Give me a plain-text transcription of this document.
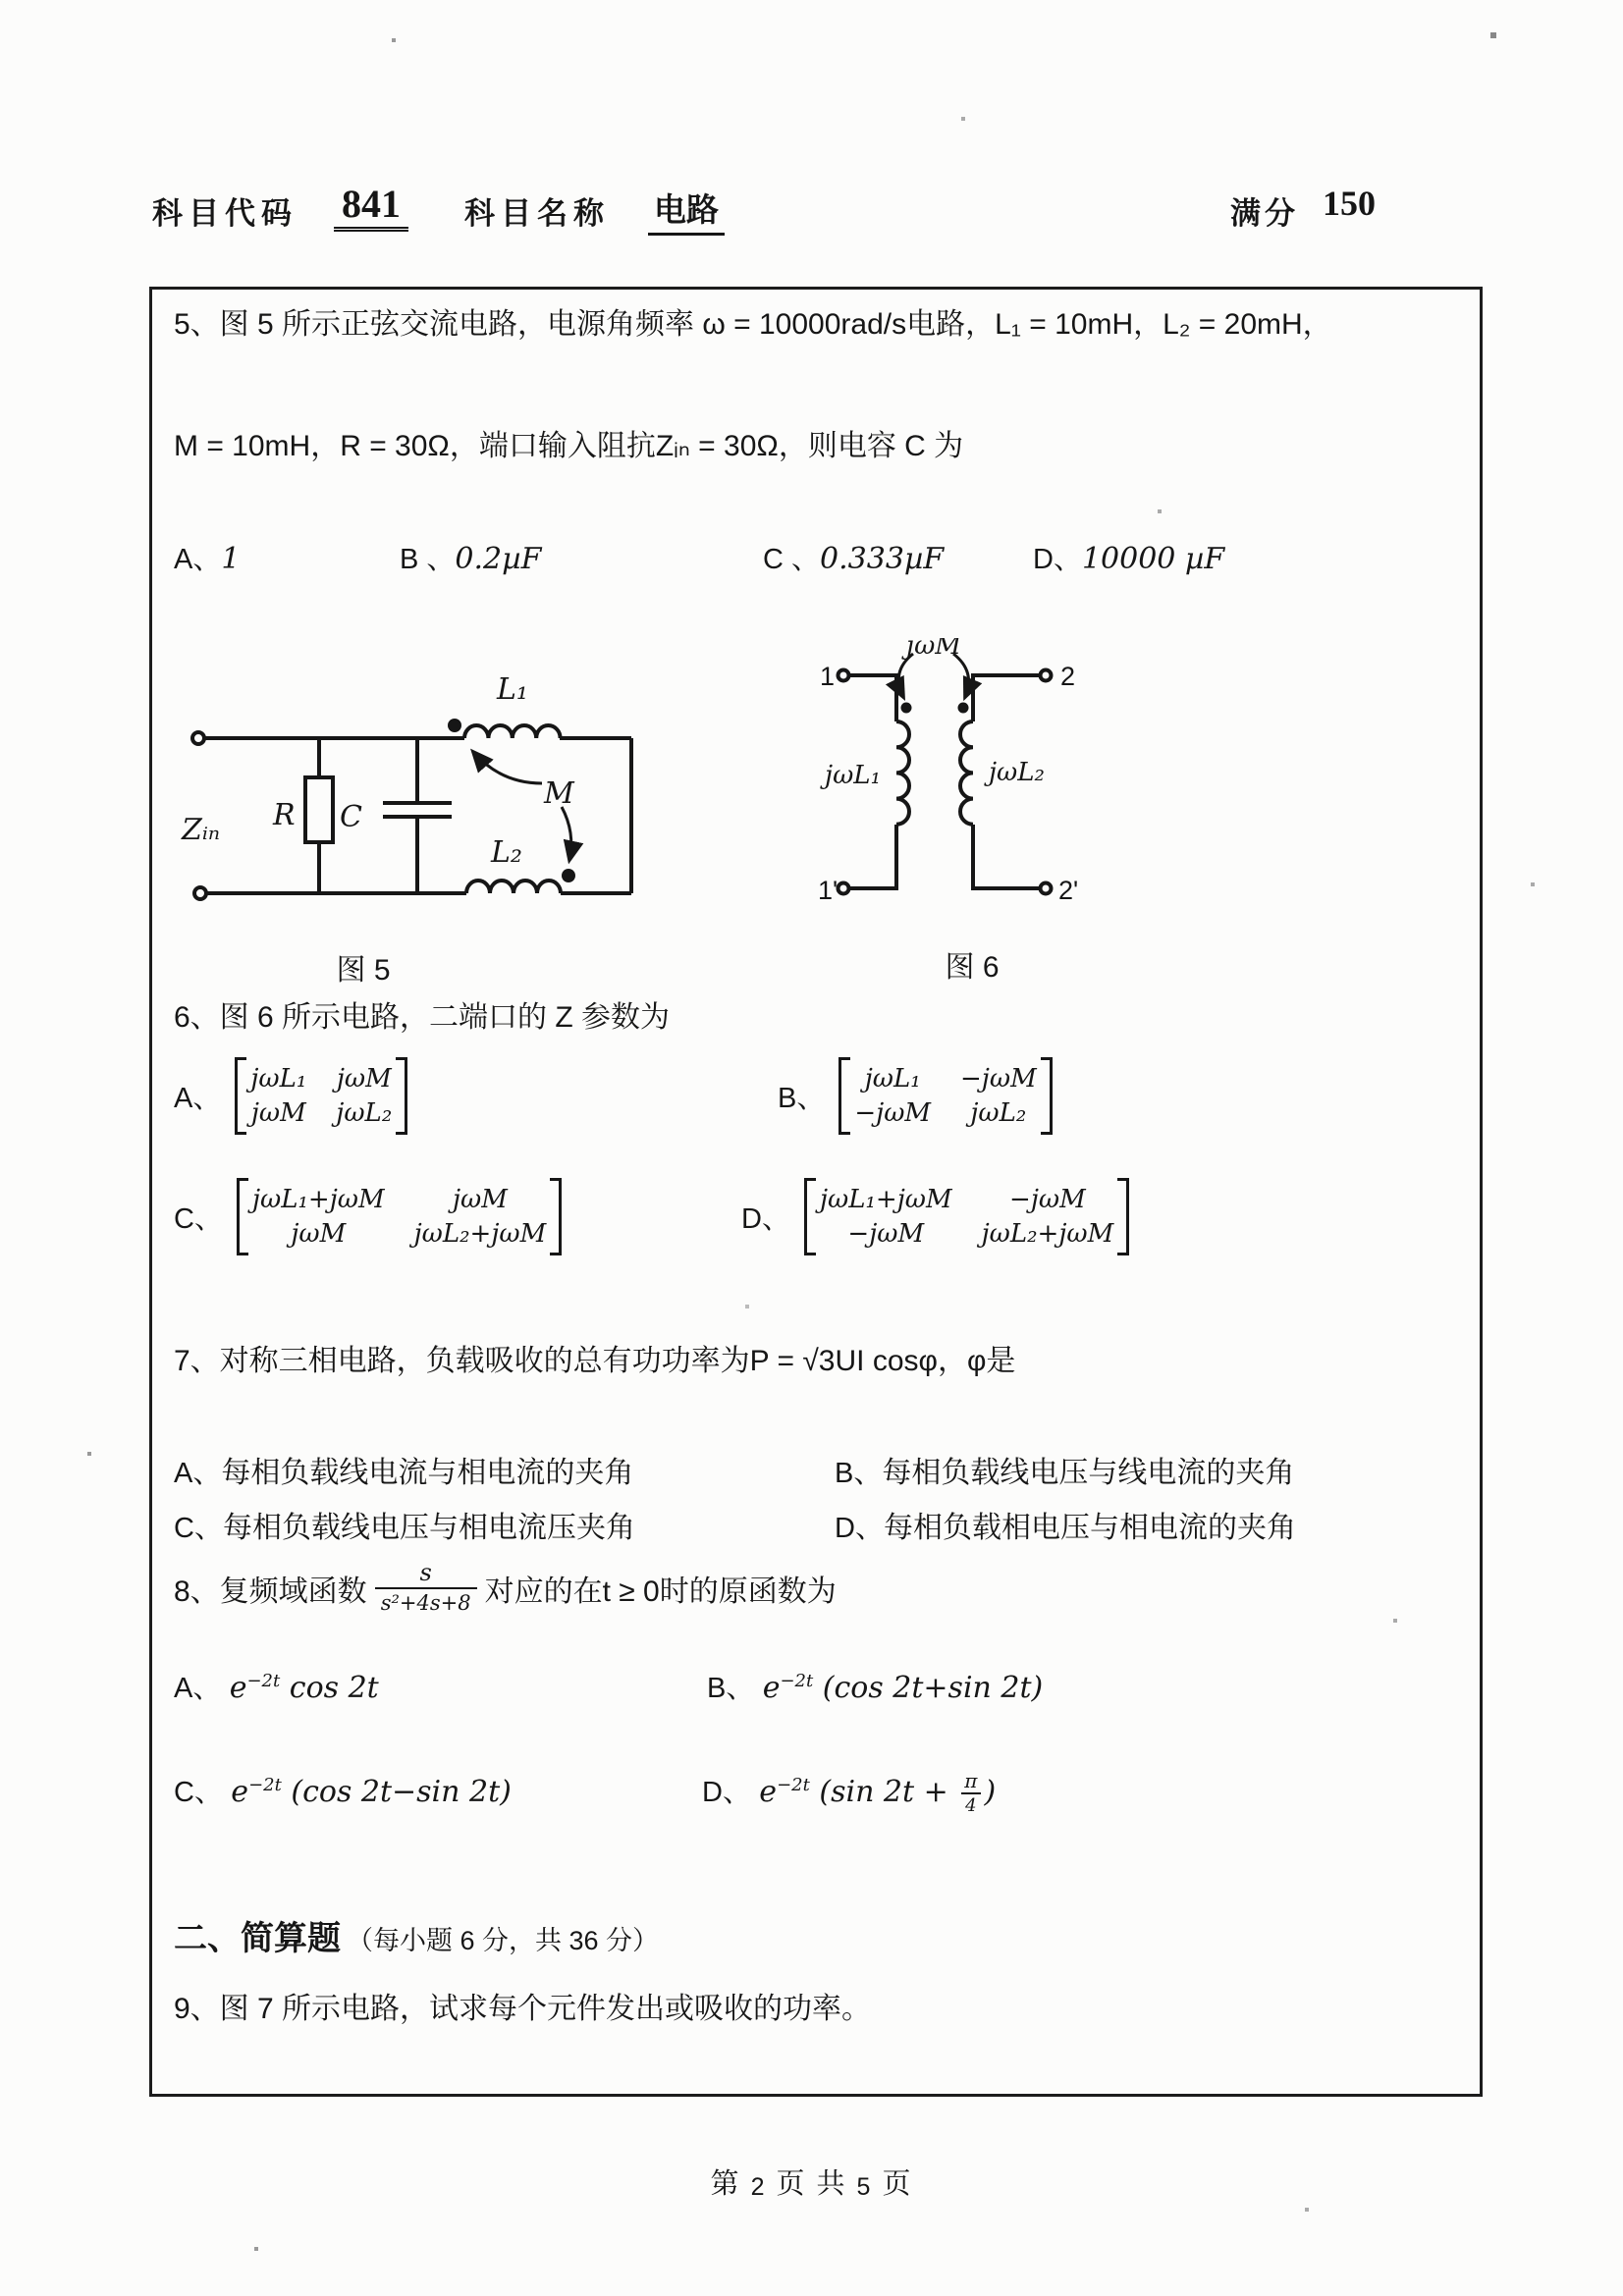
科目代码 841 科目名称 电路	满分 150
5、图 5 所示正弦交流电路，电源角频率 ω = 10000rad/s电路，L₁ = 10mH，L₂ = 20mH，
M = 10mH，R = 30Ω，端口输入阻抗Zᵢₙ = 30Ω，则电容 C 为
A、1	B 、0.2µF	C 、0.333µF	D、10000 µF
Zᵢₙ R C
L₁
L₂
M
图 5
jωM
jωL₁	jωL₂
1	2
1'	2'
图 6
6、图 6 所示电路，二端口的 Z 参数为
A、
jωL₁ jωM
jωM jωL₂	B、
jωL₁	−jωM
−jωM	jωL₂
C、
jωL₁+jωM	jωM
jωM	jωL₂+jωM	D、
jωL₁+jωM	−jωM
−jωM	jωL₂+jωM
7、对称三相电路，负载吸收的总有功功率为P = √3UI cosφ，φ是
A、每相负载线电流与相电流的夹角	B、每相负载线电压与线电流的夹角
C、每相负载线电压与相电流压夹角	D、每相负载相电压与相电流的夹角
8、复频域函数 $\frac{s}{\text{s²+4s+8}}$ 对应的在t ≥ 0时的原函数为
A、 $e^{-2t}$ cos 2t	B、 $e^{-2t}$ (cos 2t+sin 2t)
C、 $e^{-2t}$ (cos 2t−sin 2t)	D、 $e^{-2t}$ (sin $2t + \frac{\pi}{4}$ )
二、简算题 （每小题 6 分，共 36 分）
9、图 7 所示电路，试求每个元件发出或吸收的功率。
第 2 页 共 5 页
